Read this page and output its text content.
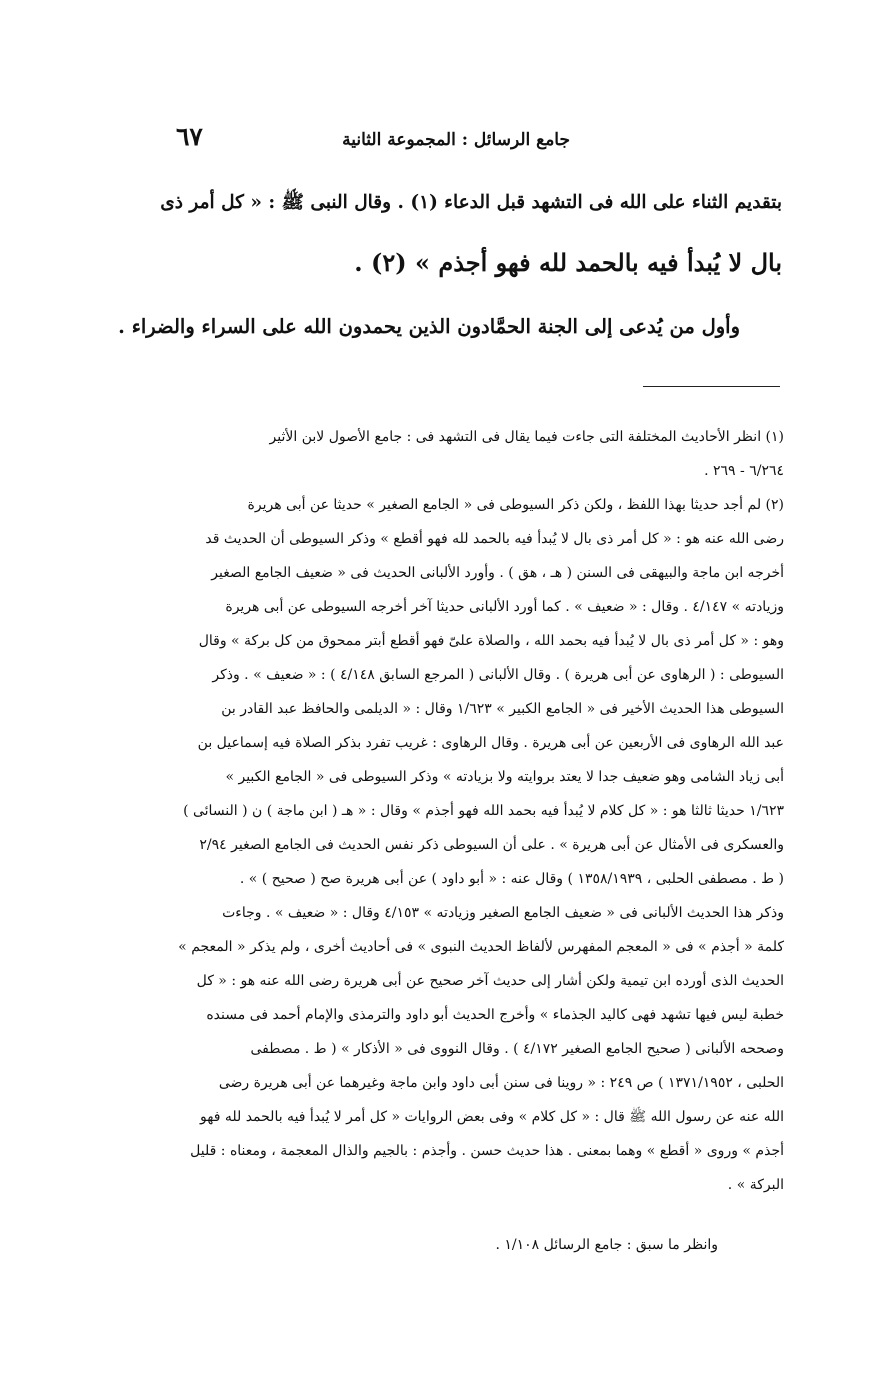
جامع الرسائل : المجموعة الثانية
٦٧
بتقديم الثناء على الله فى التشهد قبل الدعاء (١) . وقال النبى ﷺ : « كل أمر ذى
بال لا يُبدأ فيه بالحمد لله فهو أجذم » (٢) .
وأول من يُدعى إلى الجنة الحمَّادون الذين يحمدون الله على السراء والضراء .

(١) انظر الأحاديث المختلفة التى جاءت فيما يقال فى التشهد فى : جامع الأصول لابن الأثير

٦/٢٦٤ - ٢٦٩ .

(٢) لم أجد حديثا بهذا اللفظ ، ولكن ذكر السيوطى فى « الجامع الصغير » حديثا عن أبى هريرة

رضى الله عنه هو : « كل أمر ذى بال لا يُبدأ فيه بالحمد لله فهو أقطع » وذكر السيوطى أن الحديث قد

أخرجه ابن ماجة والبيهقى فى السنن ( هـ ، هق ) . وأورد الألبانى الحديث فى « ضعيف الجامع الصغير

وزيادته » ٤/١٤٧ . وقال : « ضعيف » . كما أورد الألبانى حديثا آخر أخرجه السيوطى عن أبى هريرة

وهو : « كل أمر ذى بال لا يُبدأ فيه بحمد الله ، والصلاة علىّ فهو أقطع أبتر ممحوق من كل بركة » وقال

السيوطى : ( الرهاوى عن أبى هريرة ) . وقال الألبانى ( المرجع السابق ٤/١٤٨ ) : « ضعيف » . وذكر

السيوطى هذا الحديث الأخير فى « الجامع الكبير » ١/٦٢٣ وقال : « الديلمى والحافظ عبد القادر بن

عبد الله الرهاوى فى الأربعين عن أبى هريرة . وقال الرهاوى : غريب تفرد بذكر الصلاة فيه إسماعيل بن

أبى زياد الشامى وهو ضعيف جدا لا يعتد بروايته ولا بزيادته » وذكر السيوطى فى « الجامع الكبير »

١/٦٢٣ حديثا ثالثا هو : « كل كلام لا يُبدأ فيه بحمد الله فهو أجذم » وقال : « هـ ( ابن ماجة ) ن ( النسائى )

والعسكرى فى الأمثال عن أبى هريرة » . على أن السيوطى ذكر نفس الحديث فى الجامع الصغير ٢/٩٤

( ط . مصطفى الحلبى ، ١٣٥٨/١٩٣٩ ) وقال عنه : « أبو داود ) عن أبى هريرة صح ( صحيح ) » .

وذكر هذا الحديث الألبانى فى « ضعيف الجامع الصغير وزيادته » ٤/١٥٣ وقال : « ضعيف » . وجاءت

كلمة « أجذم » فى « المعجم المفهرس لألفاظ الحديث النبوى » فى أحاديث أخرى ، ولم يذكر « المعجم »

الحديث الذى أورده ابن تيمية ولكن أشار إلى حديث آخر صحيح عن أبى هريرة رضى الله عنه هو : « كل

خطبة ليس فيها تشهد فهى كاليد الجذماء » وأخرج الحديث أبو داود والترمذى والإمام أحمد فى مسنده

وصححه الألبانى ( صحيح الجامع الصغير ٤/١٧٢ ) . وقال النووى فى « الأذكار » ( ط . مصطفى

الحلبى ، ١٣٧١/١٩٥٢ ) ص ٢٤٩ : « روينا فى سنن أبى داود وابن ماجة وغيرهما عن أبى هريرة رضى

الله عنه عن رسول الله ﷺ قال : « كل كلام » وفى بعض الروايات « كل أمر لا يُبدأ فيه بالحمد لله فهو

أجذم » وروى « أقطع » وهما بمعنى . هذا حديث حسن . وأجذم : بالجيم والذال المعجمة ، ومعناه : قليل

البركة » .

وانظر ما سبق : جامع الرسائل ١/١٠٨ .
